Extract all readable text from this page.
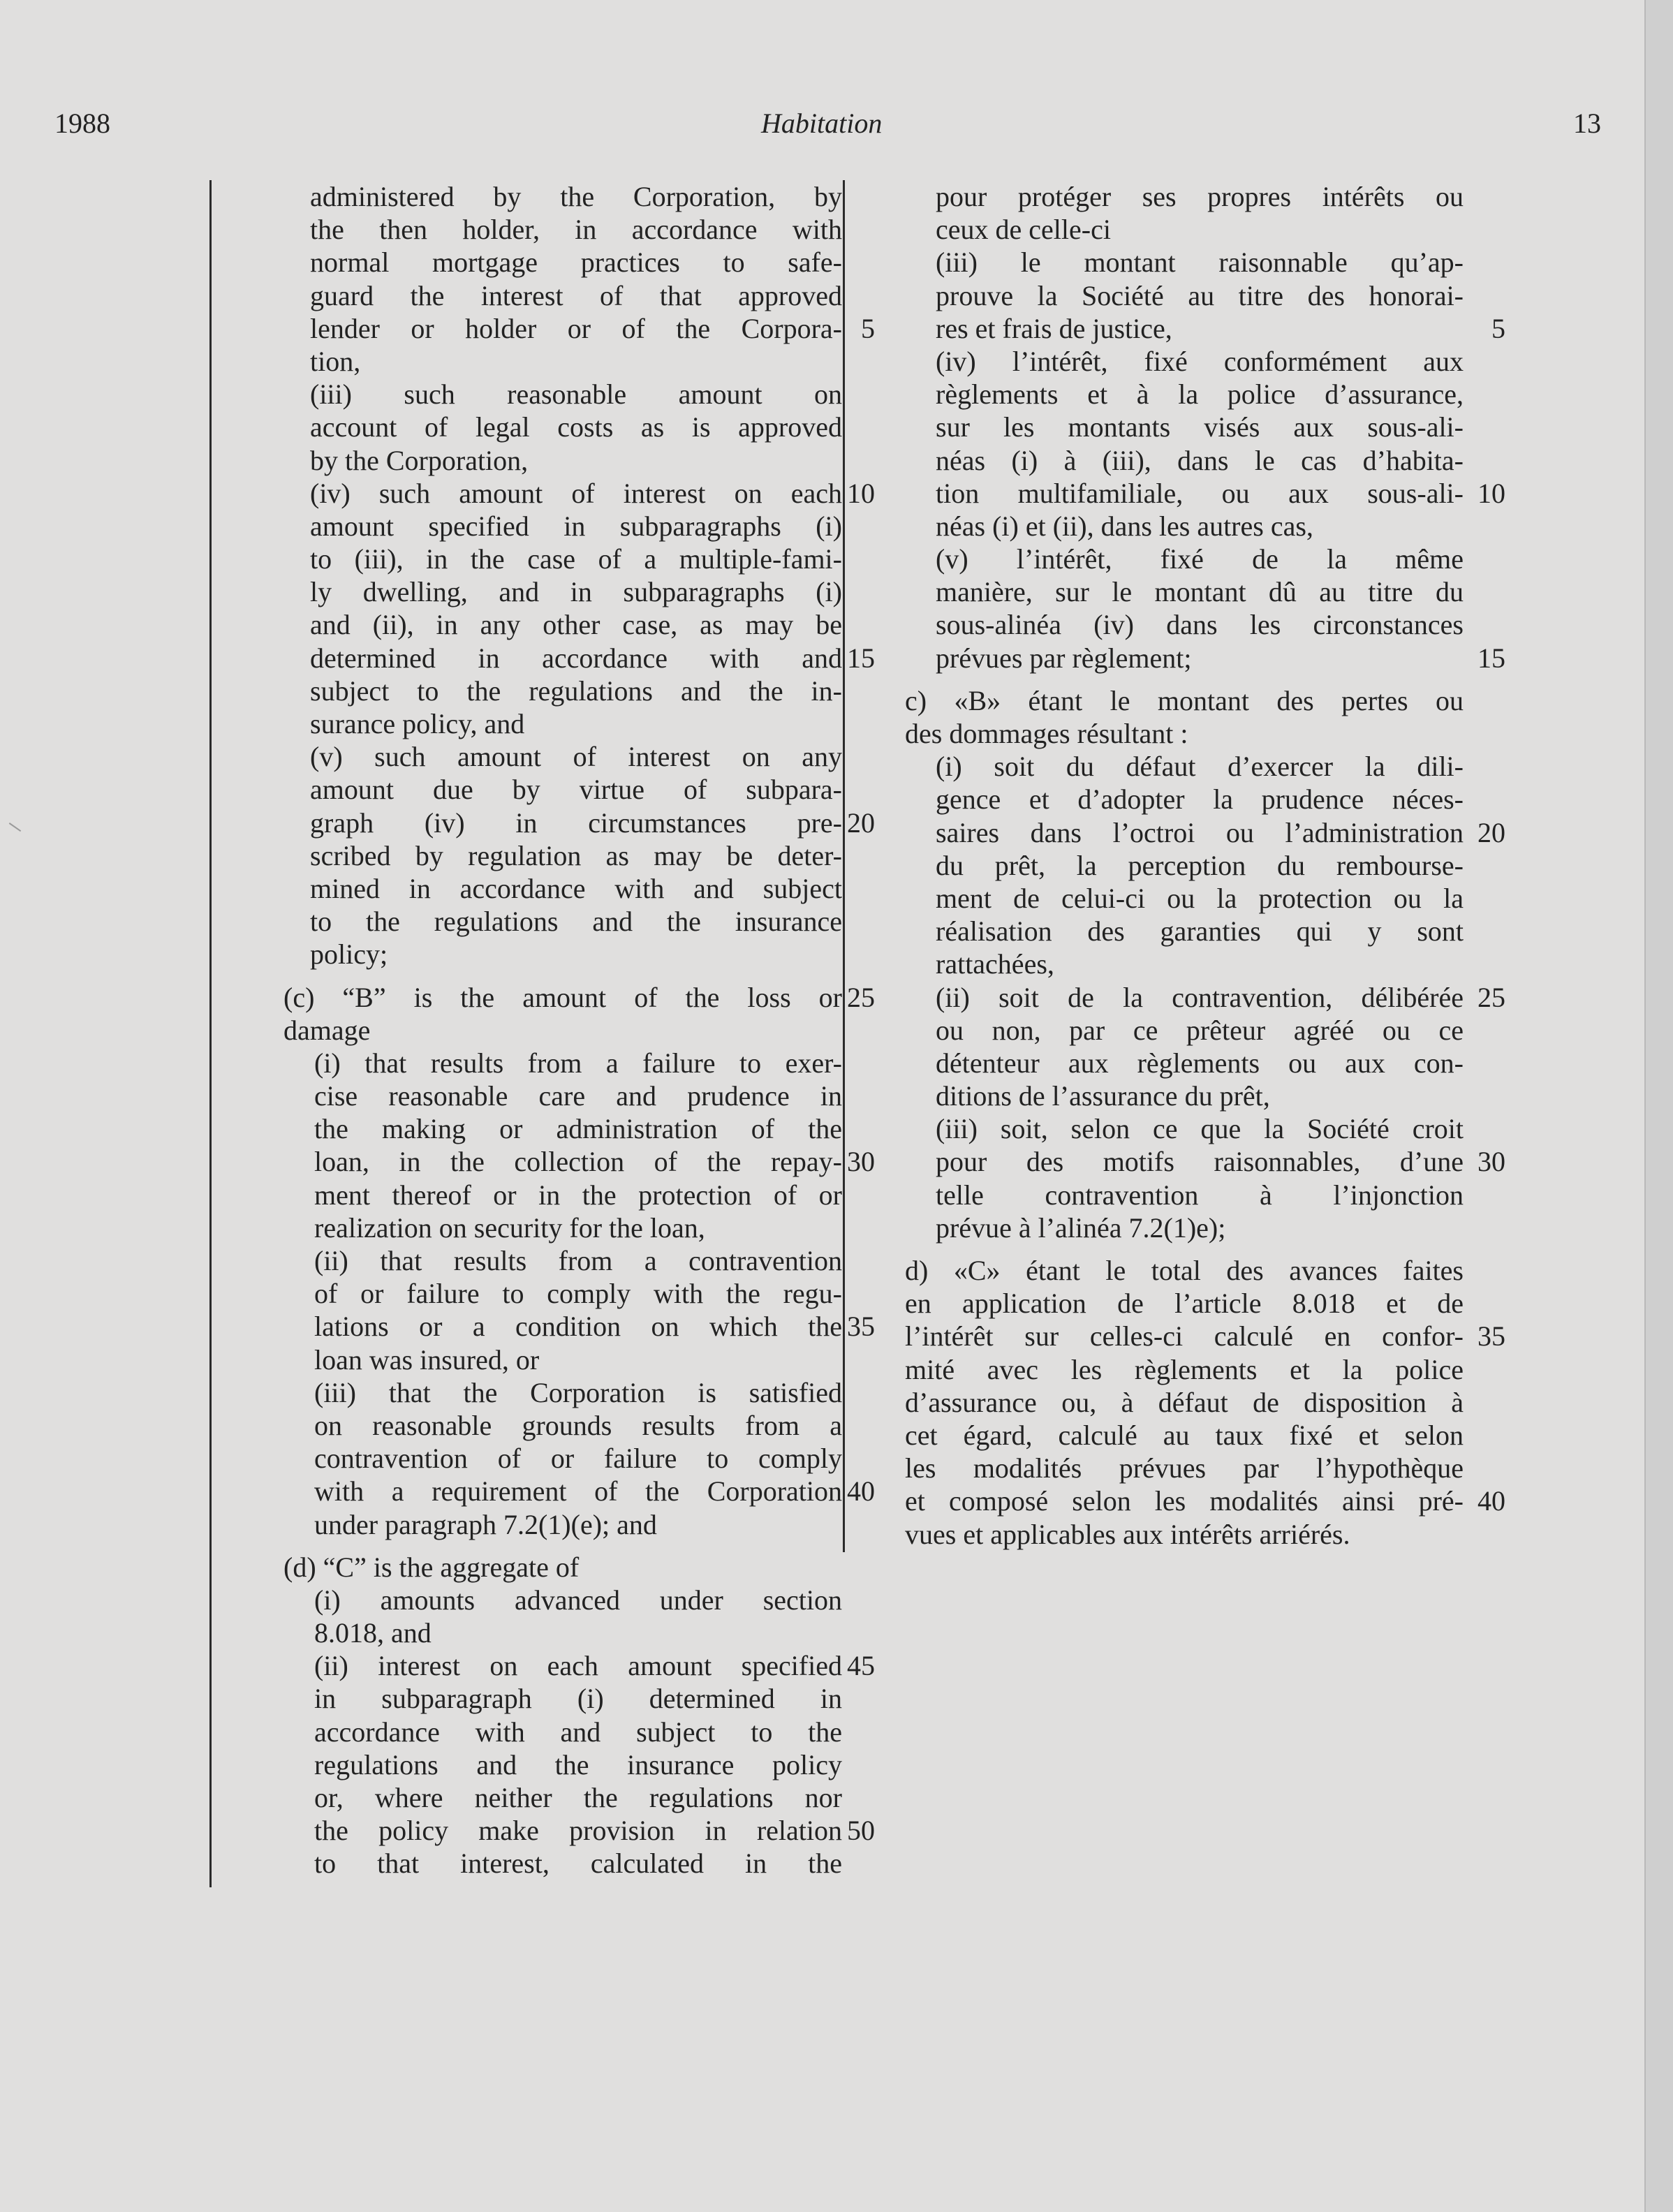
1988	Habitation	13
administered by the Corporation, by
the then holder, in accordance with
normal mortgage practices to safe-
guard the interest of that approved
lender or holder or of the Corpora- 5
tion,
(iii) such reasonable amount on
account of legal costs as is approved
by the Corporation,
(iv) such amount of interest on each 10
amount specified in subparagraphs (i)
to (iii), in the case of a multiple-fami-
ly dwelling, and in subparagraphs (i)
and (ii), in any other case, as may be
determined in accordance with and 15
subject to the regulations and the in-
surance policy, and
(v) such amount of interest on any
amount due by virtue of subpara-
graph (iv) in circumstances pre- 20
scribed by regulation as may be deter-
mined in accordance with and subject
to the regulations and the insurance
policy;
(c) “B” is the amount of the loss or 25
damage
(i) that results from a failure to exer-
cise reasonable care and prudence in
the making or administration of the
loan, in the collection of the repay- 30
ment thereof or in the protection of or
realization on security for the loan,
(ii) that results from a contravention
of or failure to comply with the regu-
lations or a condition on which the 35
loan was insured, or
(iii) that the Corporation is satisfied
on reasonable grounds results from a
contravention of or failure to comply
with a requirement of the Corporation 40
under paragraph 7.2(1)(e); and
(d) “C” is the aggregate of
(i) amounts advanced under section
8.018, and
(ii) interest on each amount specified 45
in subparagraph (i) determined in
accordance with and subject to the
regulations and the insurance policy
or, where neither the regulations nor
the policy make provision in relation 50
to that interest, calculated in the
pour protéger ses propres intérêts ou
ceux de celle-ci
(iii) le montant raisonnable qu’ap-
prouve la Société au titre des honorai-
res et frais de justice,	5
(iv) l’intérêt, fixé conformément aux
règlements et à la police d’assurance,
sur les montants visés aux sous-ali-
néas (i) à (iii), dans le cas d’habita-
tion multifamiliale, ou aux sous-ali- 10
néas (i) et (ii), dans les autres cas,
(v) l’intérêt, fixé de la même
manière, sur le montant dû au titre du
sous-alinéa (iv) dans les circonstances
prévues par règlement;	15
c) «B» étant le montant des pertes ou
des dommages résultant :
(i) soit du défaut d’exercer la dili-
gence et d’adopter la prudence néces-
saires dans l’octroi ou l’administration 20
du prêt, la perception du rembourse-
ment de celui-ci ou la protection ou la
réalisation des garanties qui y sont
rattachées,
(ii) soit de la contravention, délibérée 25
ou non, par ce prêteur agréé ou ce
détenteur aux règlements ou aux con-
ditions de l’assurance du prêt,
(iii) soit, selon ce que la Société croit
pour des motifs raisonnables, d’une 30
telle contravention à l’injonction
prévue à l’alinéa 7.2(1)e);
d) «C» étant le total des avances faites
en application de l’article 8.018 et de
l’intérêt sur celles-ci calculé en confor- 35
mité avec les règlements et la police
d’assurance ou, à défaut de disposition à
cet égard, calculé au taux fixé et selon
les modalités prévues par l’hypothèque
et composé selon les modalités ainsi pré- 40
vues et applicables aux intérêts arriérés.
